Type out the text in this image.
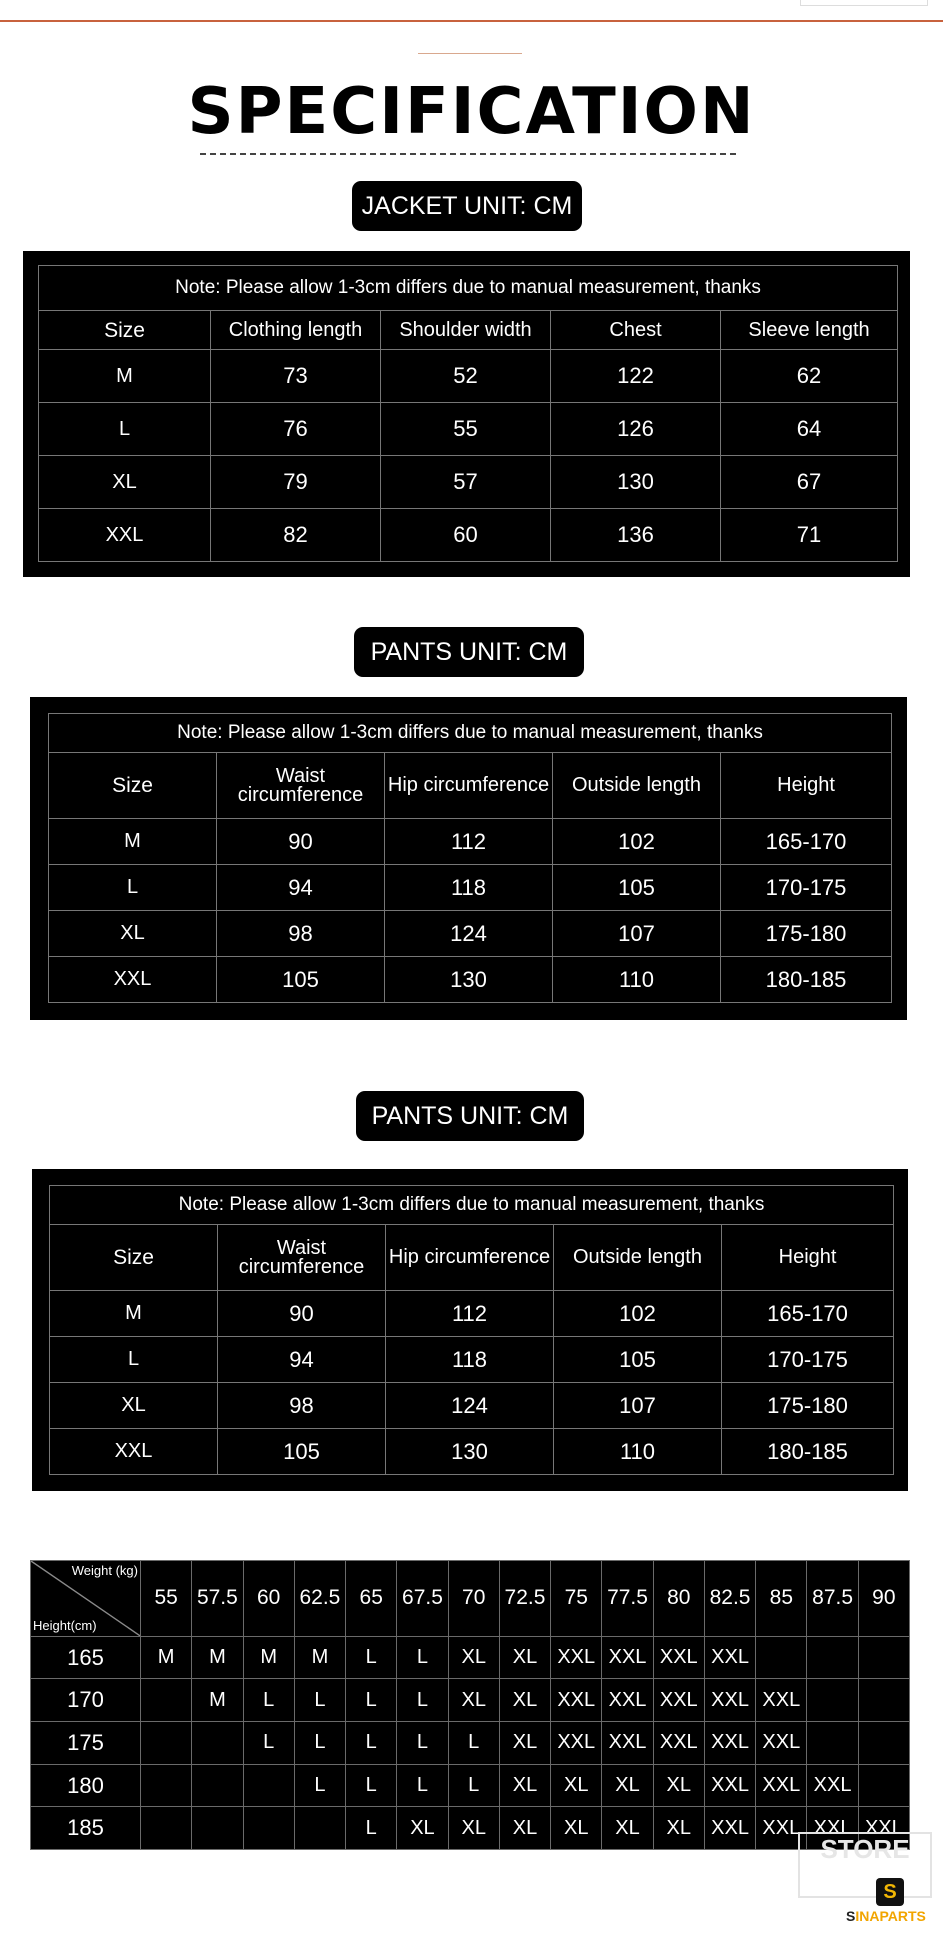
SPECIFICATION
JACKET UNIT: CM
Note: Please allow 1-3cm differs due to manual measurement, thanks				
Size	Clothing length	Shoulder width	Chest	Sleeve length
M	73	52	122	62
L	76	55	126	64
XL	79	57	130	67
XXL	82	60	136	71
PANTS UNIT: CM
Note: Please allow 1-3cm differs due to manual measurement, thanks				
Size	Waist circumference	Hip circumference	Outside length	Height
M	90	112	102	165-170
L	94	118	105	170-175
XL	98	124	107	175-180
XXL	105	130	110	180-185
PANTS UNIT: CM
Note: Please allow 1-3cm differs due to manual measurement, thanks				
Size	Waist circumference	Hip circumference	Outside length	Height
M	90	112	102	165-170
L	94	118	105	170-175
XL	98	124	107	175-180
XXL	105	130	110	180-185
Weight (kg)
Height(cm)	55	57.5	60	62.5	65	67.5	70	72.5	75	77.5	80	82.5	85	87.5	90
165	M	M	M	M	L	L	XL	XL	XXL	XXL	XXL	XXL			
170		M	L	L	L	L	XL	XL	XXL	XXL	XXL	XXL	XXL		
175			L	L	L	L	L	XL	XXL	XXL	XXL	XXL	XXL		
180				L	L	L	L	XL	XL	XL	XL	XXL	XXL	XXL	
185					L	XL	XL	XL	XL	XL	XL	XXL	XXL	XXL	XXL
STORE
S
SINAPARTS
